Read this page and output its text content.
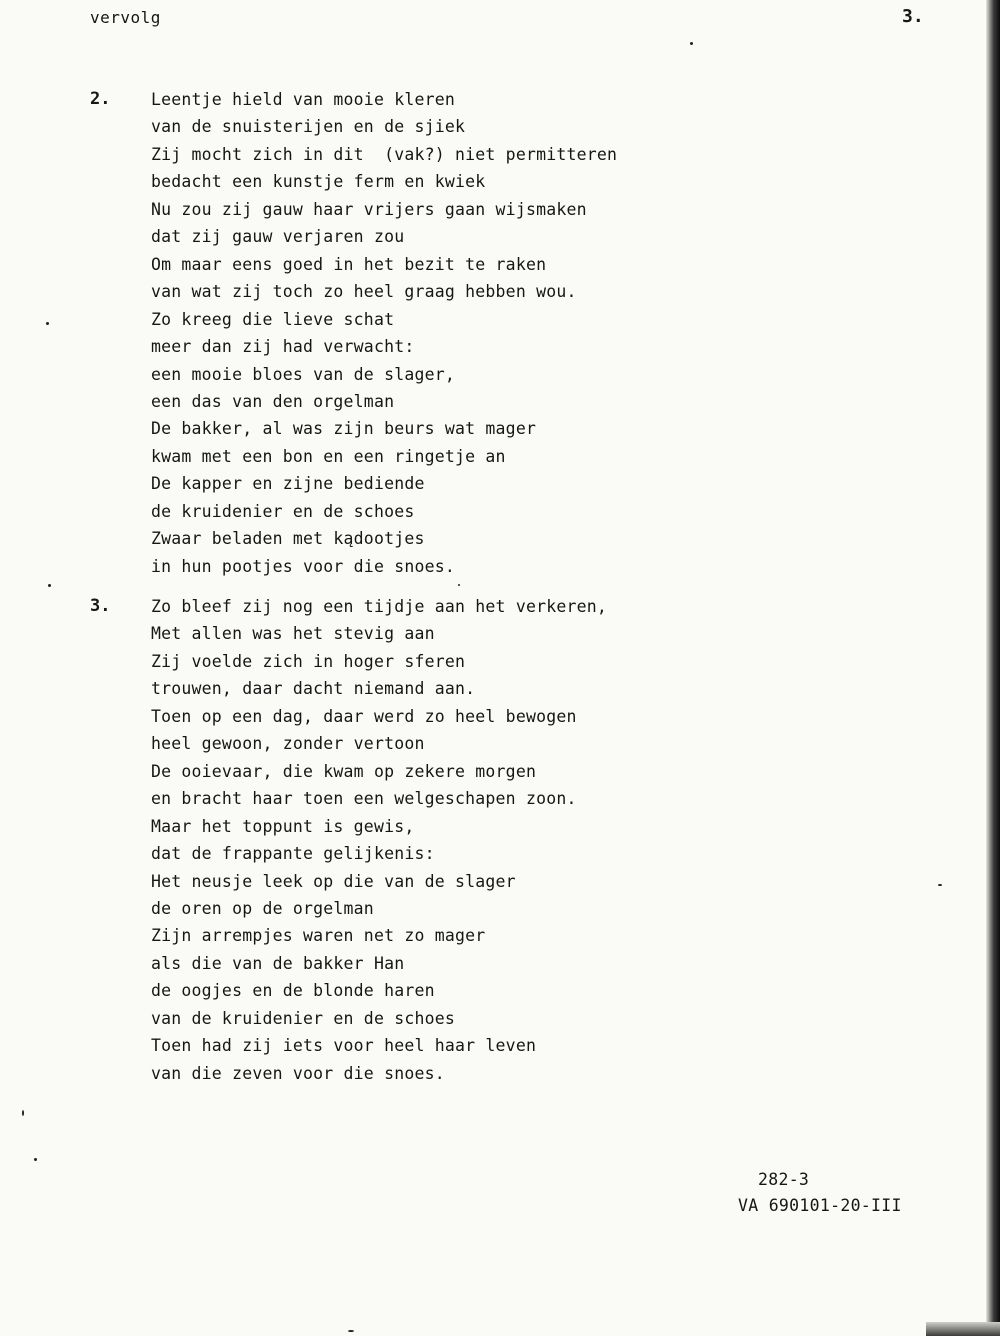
vervolg	3.
2. Leentje hield van mooie kleren
van de snuisterijen en de sjiek
Zij mocht zich in dit  (vak?) niet permitteren
bedacht een kunstje ferm en kwiek
Nu zou zij gauw haar vrijers gaan wijsmaken
dat zij gauw verjaren zou
Om maar eens goed in het bezit te raken
van wat zij toch zo heel graag hebben wou.
Zo kreeg die lieve schat
meer dan zij had verwacht:
een mooie bloes van de slager,
een das van den orgelman
De bakker, al was zijn beurs wat mager
kwam met een bon en een ringetje an
De kapper en zijne bediende
de kruidenier en de schoes
Zwaar beladen met kądootjes
in hun pootjes voor die snoes.
3. Zo bleef zij nog een tijdje aan het verkeren,
Met allen was het stevig aan
Zij voelde zich in hoger sferen
trouwen, daar dacht niemand aan.
Toen op een dag, daar werd zo heel bewogen
heel gewoon, zonder vertoon
De ooievaar, die kwam op zekere morgen
en bracht haar toen een welgeschapen zoon.
Maar het toppunt is gewis,
dat de frappante gelijkenis:
Het neusje leek op die van de slager
de oren op de orgelman
Zijn arrempjes waren net zo mager
als die van de bakker Han
de oogjes en de blonde haren
van de kruidenier en de schoes
Toen had zij iets voor heel haar leven
van die zeven voor die snoes.
282-3
VA 690101-20-III
